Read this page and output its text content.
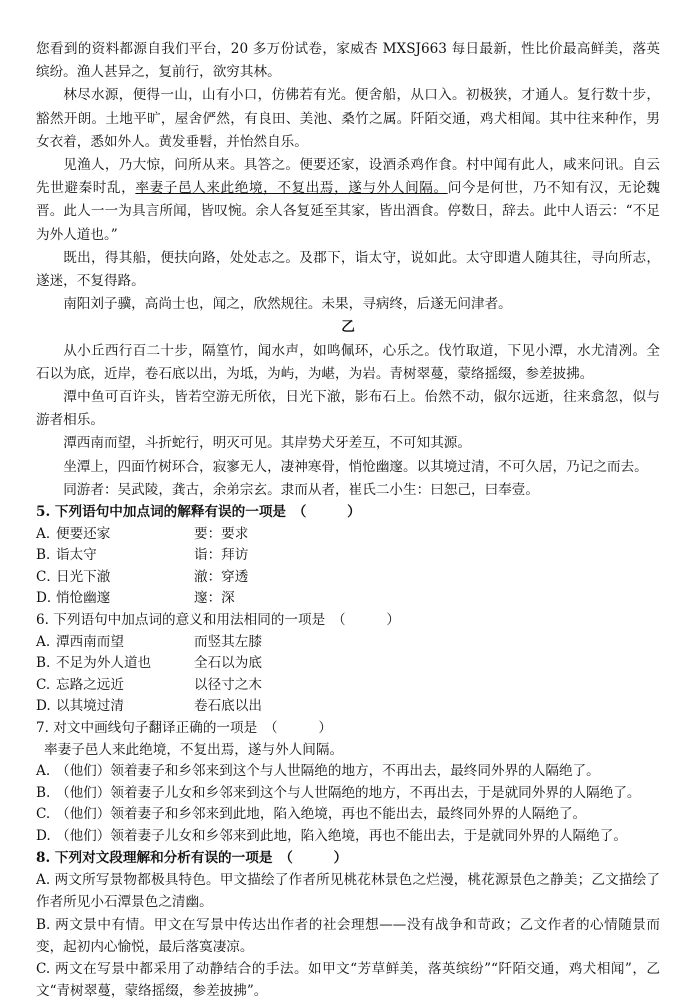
您看到的资料都源自我们平台，20 多万份试卷，家威杏 MXSJ663 每日最新，性比价最高鲜美，落英缤纷。渔人甚异之，复前行，欲穷其林。

林尽水源，便得一山，山有小口，仿佛若有光。便舍船，从口入。初极狭，才通人。复行数十步，豁然开朗。土地平旷，屋舍俨然，有良田、美池、桑竹之属。阡陌交通，鸡犬相闻。其中往来种作，男女衣着，悉如外人。黄发垂髫，并怡然自乐。

见渔人，乃大惊，问所从来。具答之。便要还家，设酒杀鸡作食。村中闻有此人，咸来问讯。自云先世避秦时乱，率妻子邑人来此绝境，不复出焉，遂与外人间隔。问今是何世，乃不知有汉，无论魏晋。此人一一为具言所闻，皆叹惋。余人各复延至其家，皆出酒食。停数日，辞去。此中人语云：“不足为外人道也。”

既出，得其船，便扶向路，处处志之。及郡下，诣太守，说如此。太守即遣人随其往，寻向所志，遂迷，不复得路。

南阳刘子骥，高尚士也，闻之，欣然规往。未果，寻病终，后遂无问津者。

乙

从小丘西行百二十步，隔篁竹，闻水声，如鸣佩环，心乐之。伐竹取道，下见小潭，水尤清冽。全石以为底，近岸，卷石底以出，为坻，为屿，为嵁，为岩。青树翠蔓，蒙络摇缀，参差披拂。

潭中鱼可百许头，皆若空游无所依，日光下澈，影布石上。佁然不动，俶尔远逝，往来翕忽，似与游者相乐。

潭西南而望，斗折蛇行，明灭可见。其岸势犬牙差互，不可知其源。

坐潭上，四面竹树环合，寂寥无人，凄神寒骨，悄怆幽邃。以其境过清，不可久居，乃记之而去。

同游者：吴武陵，龚古，余弟宗玄。隶而从者，崔氏二小生：曰恕己，曰奉壹。

5. 下列语句中加点词的解释有误的一项是　（　　　）

A．便要还家	要：要求

B．诣太守	诣：拜访

C．日光下澈	澈：穿透

D．悄怆幽邃	邃：深

6. 下列语句中加点词的意义和用法相同的一项是　（　　　）

A. 潭西南而望	而竖其左膝

B. 不足为外人道也	全石以为底

C. 忘路之远近	以径寸之木

D. 以其境过清	卷石底以出

7. 对文中画线句子翻译正确的一项是　（　　　）

率妻子邑人来此绝境，不复出焉，遂与外人间隔。

A. （他们）领着妻子和乡邻来到这个与人世隔绝的地方，不再出去，最终同外界的人隔绝了。

B. （他们）领着妻子儿女和乡邻来到这个与人世隔绝的地方，不再出去，于是就同外界的人隔绝了。

C. （他们）领着妻子和乡邻来到此地，陷入绝境，再也不能出去，最终同外界的人隔绝了。

D. （他们）领着妻子儿女和乡邻来到此地，陷入绝境，再也不能出去，于是就同外界的人隔绝了。

8. 下列对文段理解和分析有误的一项是　（　　　）

A. 两文所写景物都极具特色。甲文描绘了作者所见桃花林景色之烂漫，桃花源景色之静美；乙文描绘了作者所见小石潭景色之清幽。

B. 两文景中有情。甲文在写景中传达出作者的社会理想——没有战争和苛政；乙文作者的心情随景而变，起初内心愉悦，最后落寞凄凉。

C. 两文在写景中都采用了动静结合的手法。如甲文“芳草鲜美，落英缤纷”“阡陌交通，鸡犬相闻”，乙文“青树翠蔓，蒙络摇缀，参差披拂”。
